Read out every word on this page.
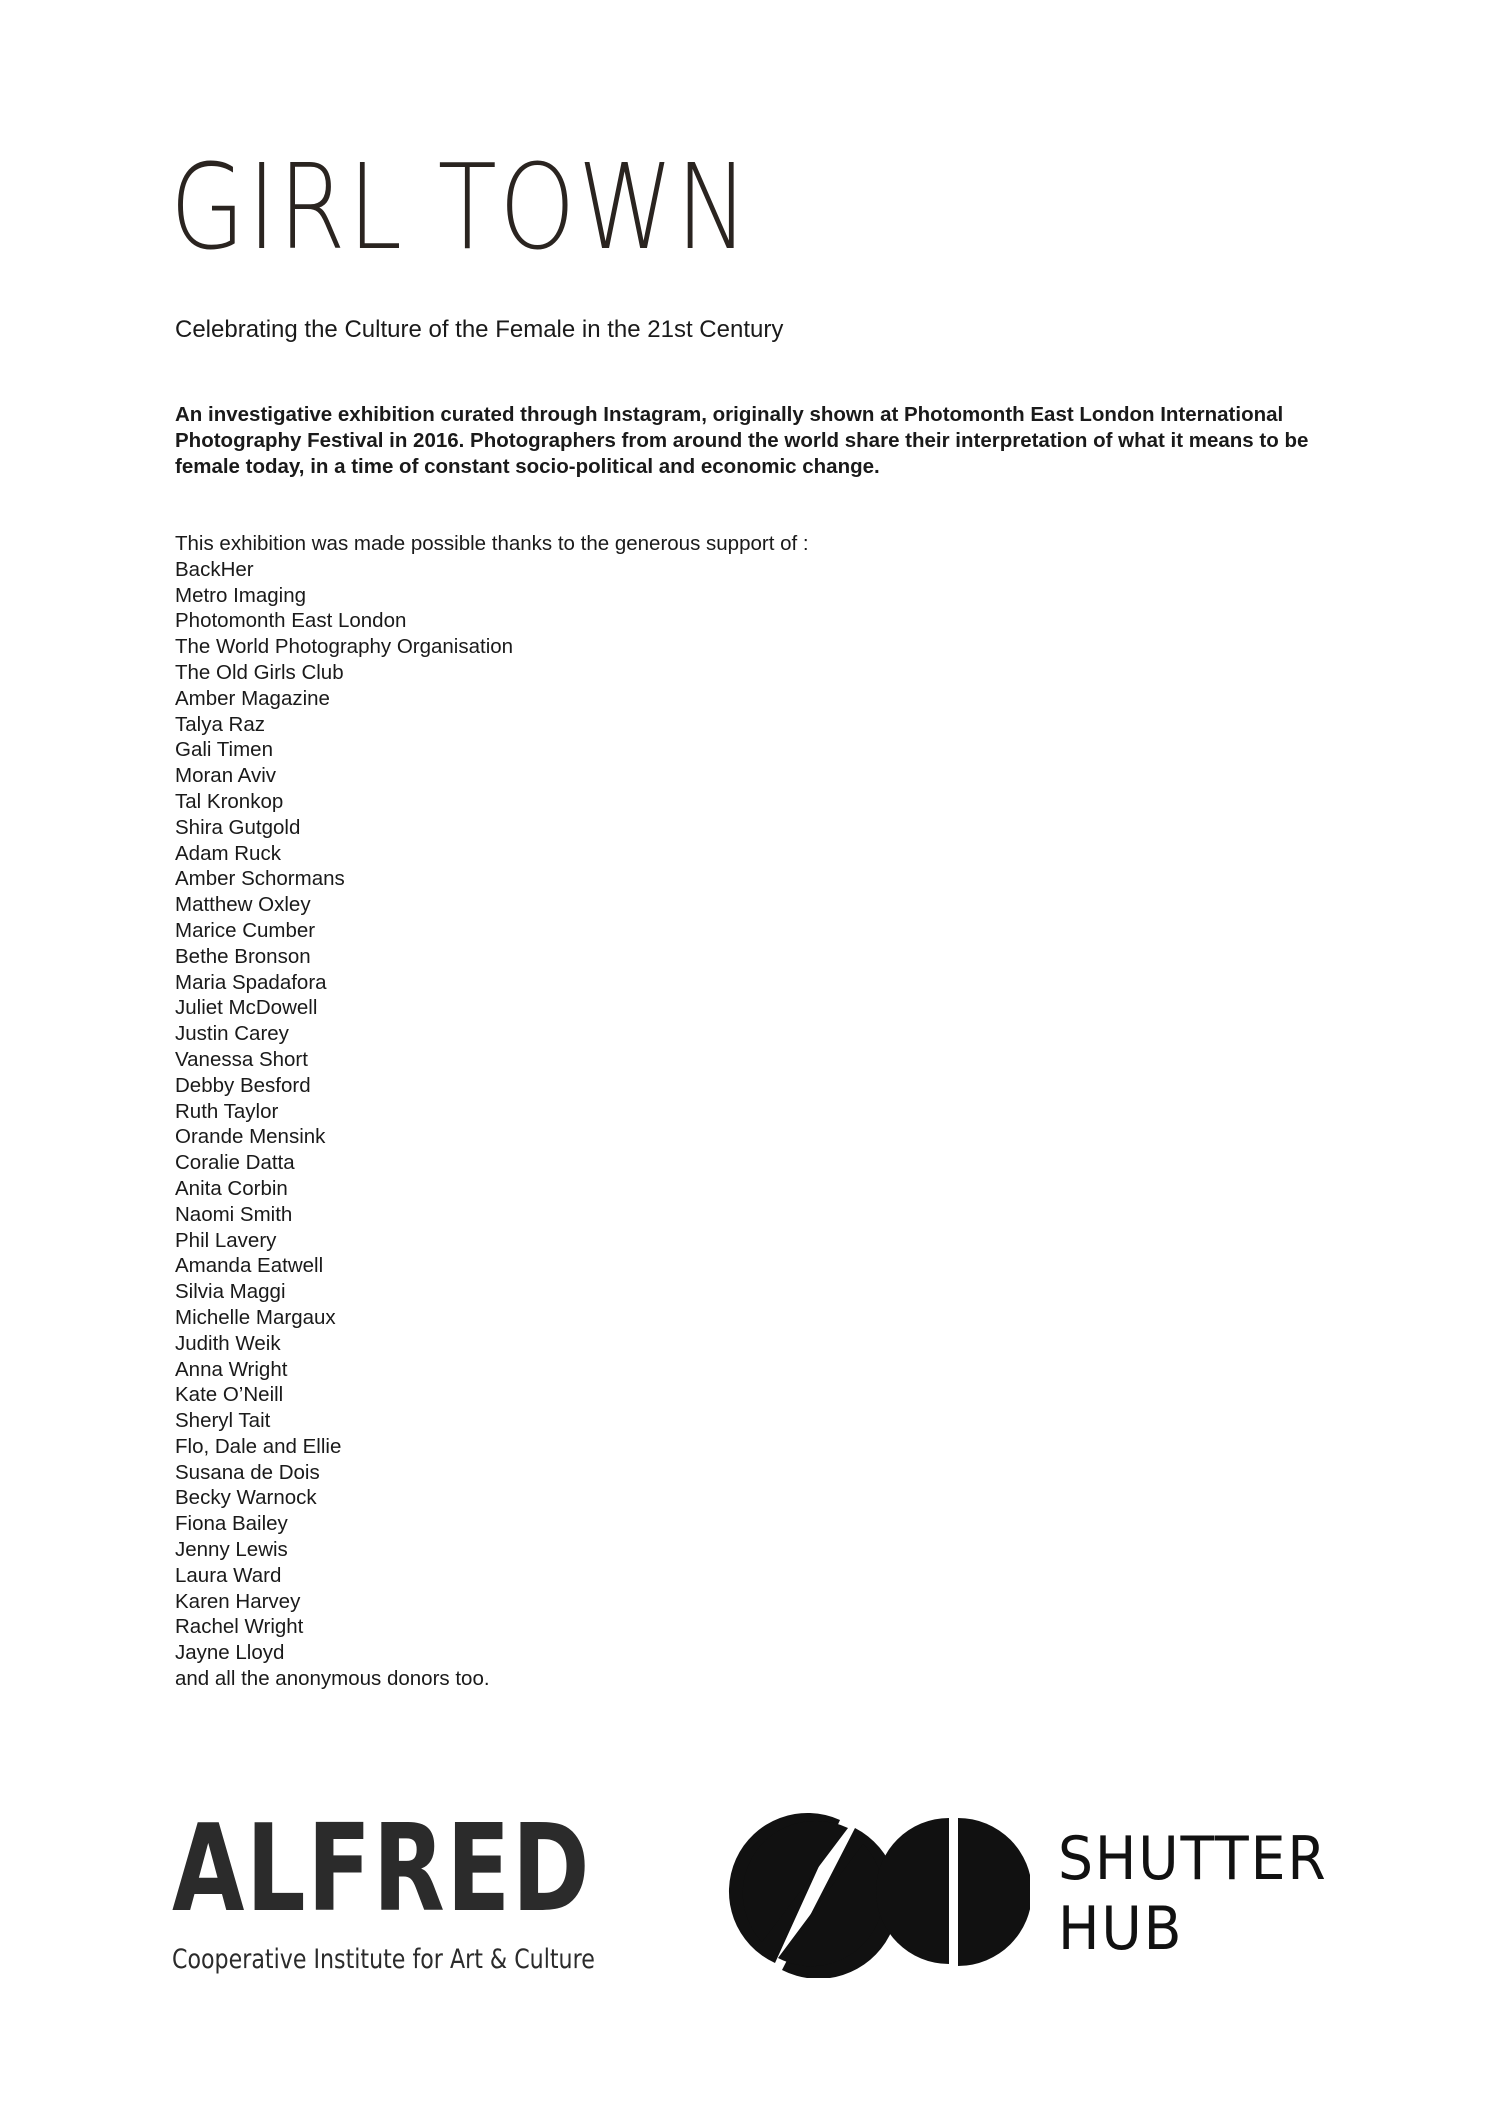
GIRL TOWN

Celebrating the Culture of the Female in the 21st Century

An investigative exhibition curated through Instagram, originally shown at Photomonth East London International Photography Festival in 2016. Photographers from around the world share their interpretation of what it means to be female today, in a time of constant socio-political and economic change.

This exhibition was made possible thanks to the generous support of :
BackHer
Metro Imaging
Photomonth East London
The World Photography Organisation
The Old Girls Club
Amber Magazine
Talya Raz
Gali Timen
Moran Aviv
Tal Kronkop
Shira Gutgold
Adam Ruck
Amber Schormans
Matthew Oxley
Marice Cumber
Bethe Bronson
Maria Spadafora
Juliet McDowell
Justin Carey
Vanessa Short
Debby Besford
Ruth Taylor
Orande Mensink
Coralie Datta
Anita Corbin
Naomi Smith
Phil Lavery
Amanda Eatwell
Silvia Maggi
Michelle Margaux
Judith Weik
Anna Wright
Kate O’Neill
Sheryl Tait
Flo, Dale and Ellie
Susana de Dois
Becky Warnock
Fiona Bailey
Jenny Lewis
Laura Ward
Karen Harvey
Rachel Wright
Jayne Lloyd
and all the anonymous donors too.
ALFRED
Cooperative Institute for Art & Culture
SHUTTER
HUB
